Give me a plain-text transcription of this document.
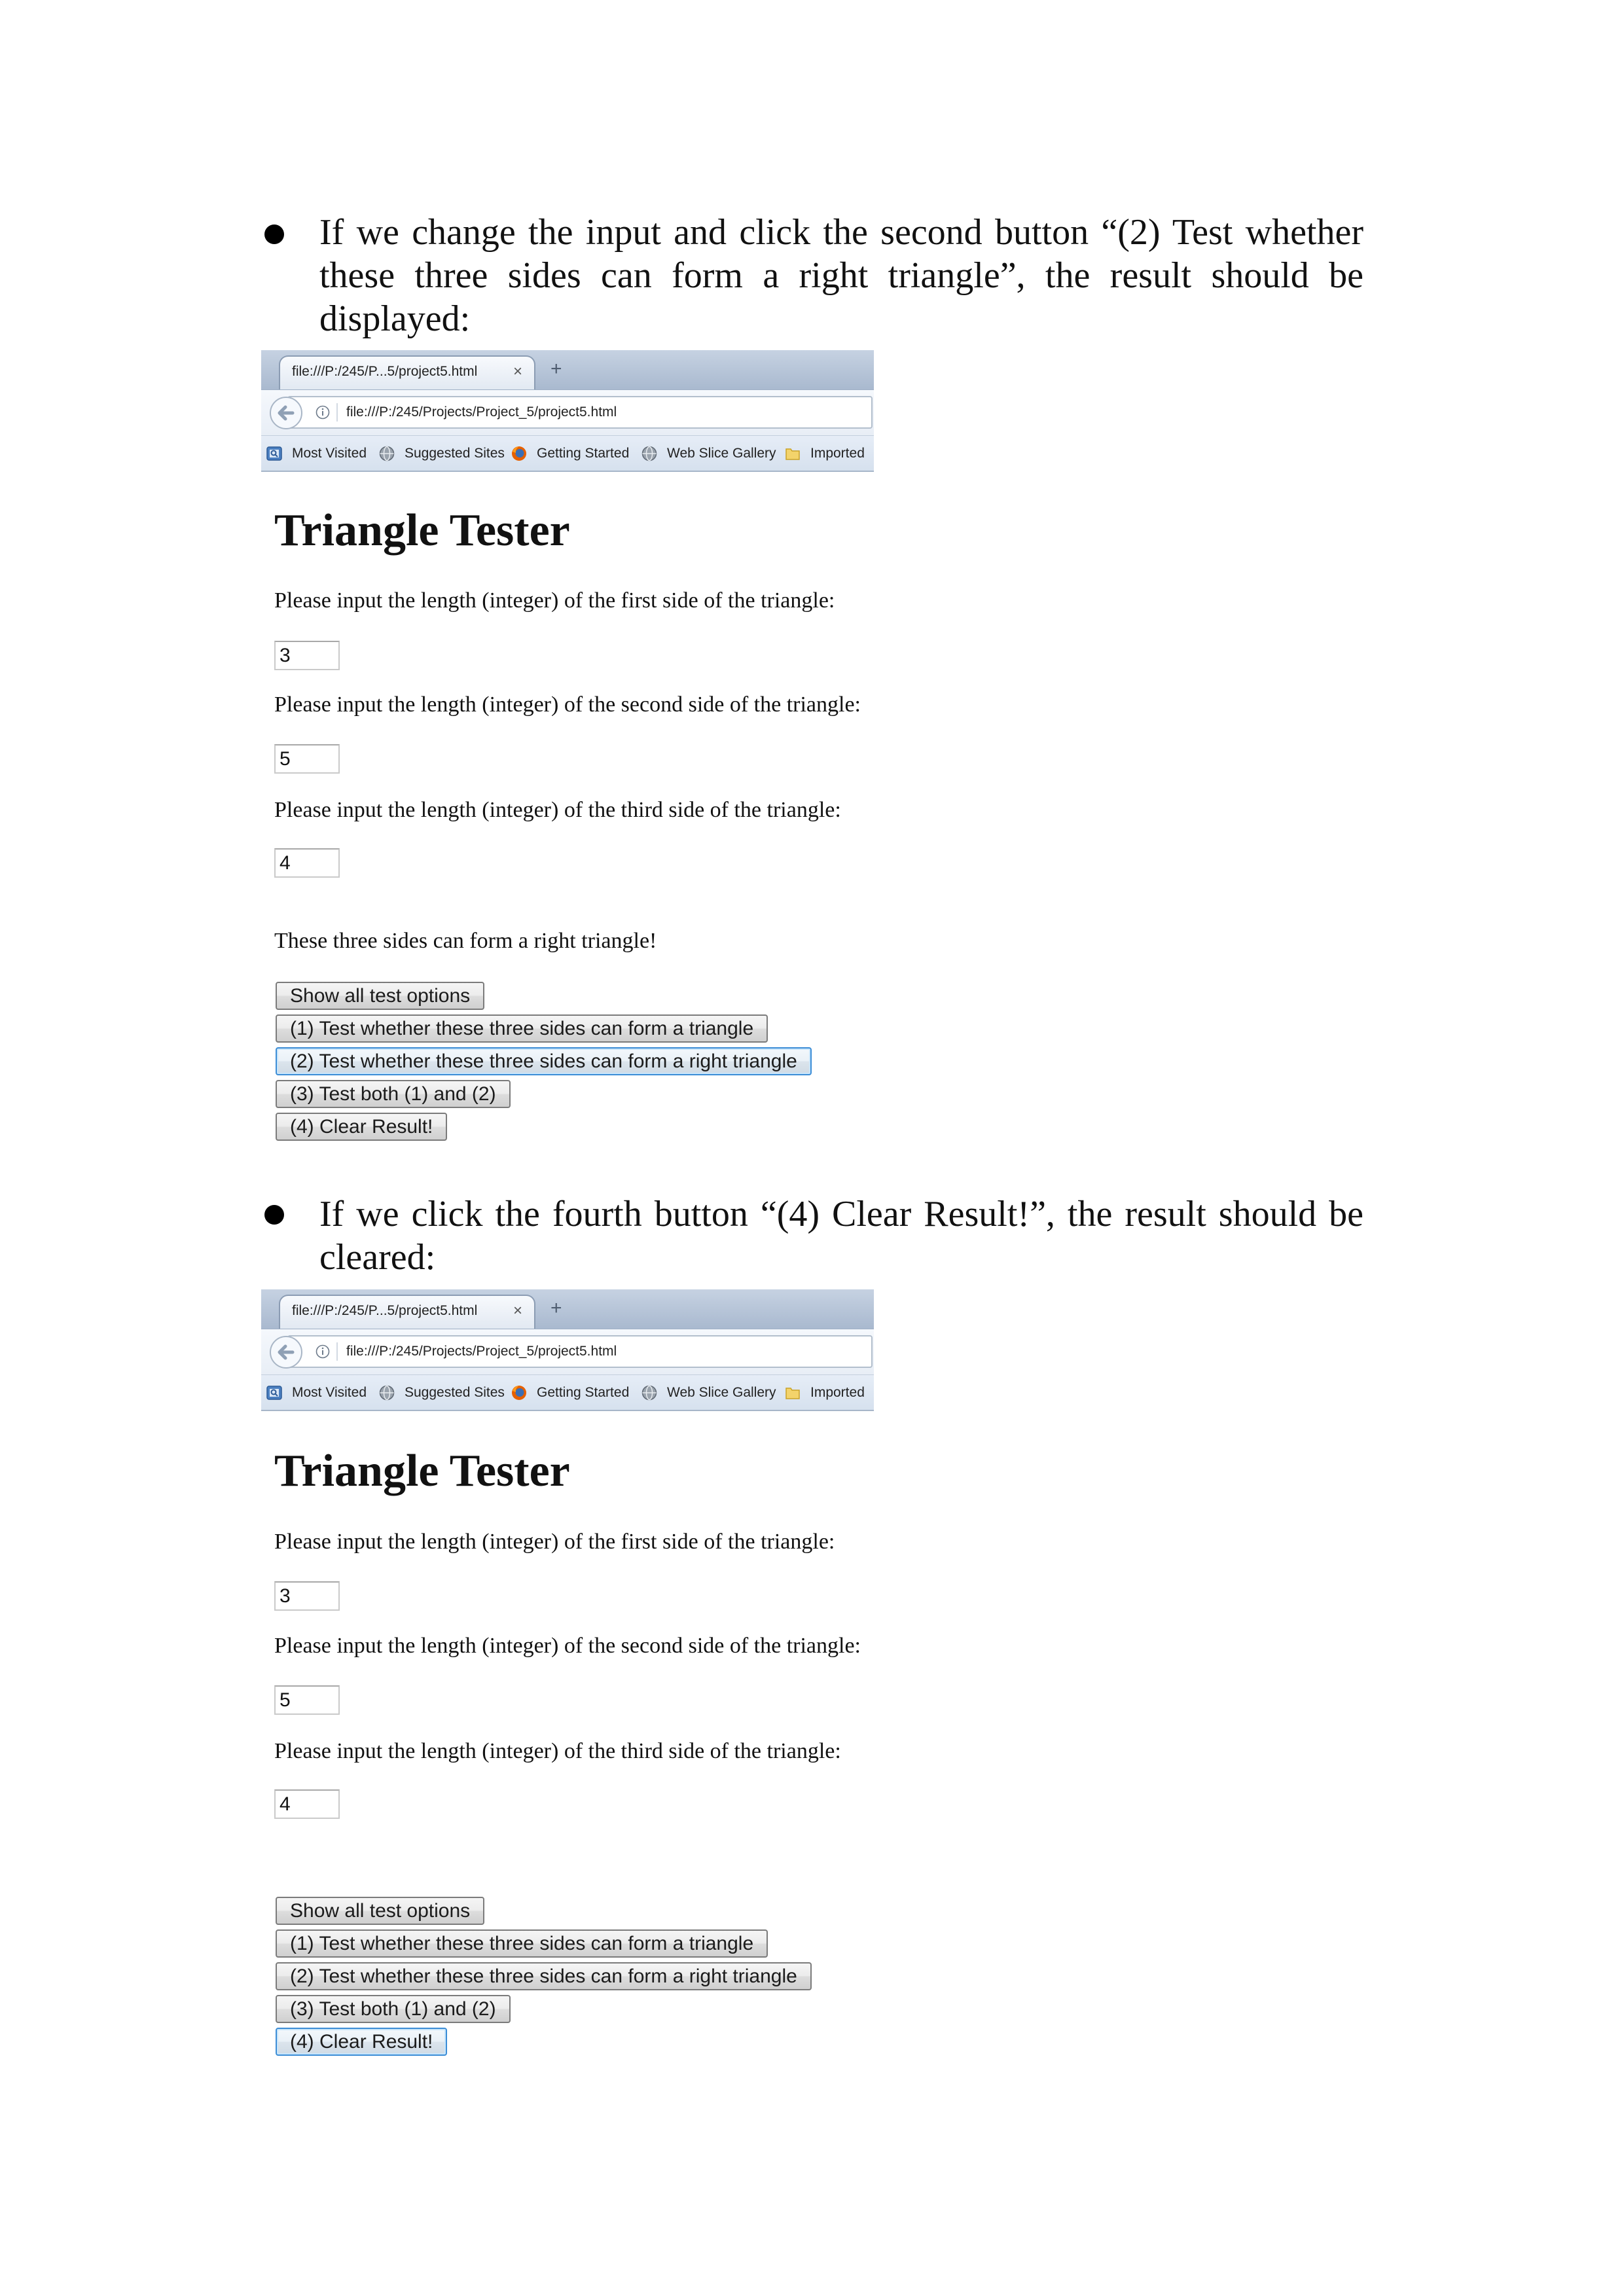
If we change the input and click the second button “(2) Test whether these three sides can form a right triangle”, the result should be displayed:

file:///P:/245/P...5/project5.html × +
file:///P:/245/Projects/Project_5/project5.html
Most Visited	Suggested Sites Getting Started	Web Slice Gallery Imported
Triangle Tester

Please input the length (integer) of the first side of the triangle:

3

Please input the length (integer) of the second side of the triangle:

5

Please input the length (integer) of the third side of the triangle:

4

These three sides can form a right triangle!

Show all test options
(1) Test whether these three sides can form a triangle
(2) Test whether these three sides can form a right triangle
(3) Test both (1) and (2)
(4) Clear Result!

If we click the fourth button “(4) Clear Result!”, the result should be cleared:

file:///P:/245/P...5/project5.html × +
file:///P:/245/Projects/Project_5/project5.html
Most Visited	Suggested Sites Getting Started	Web Slice Gallery Imported
Triangle Tester

Please input the length (integer) of the first side of the triangle:

3

Please input the length (integer) of the second side of the triangle:

5

Please input the length (integer) of the third side of the triangle:

4

Show all test options
(1) Test whether these three sides can form a triangle
(2) Test whether these three sides can form a right triangle
(3) Test both (1) and (2)
(4) Clear Result!
